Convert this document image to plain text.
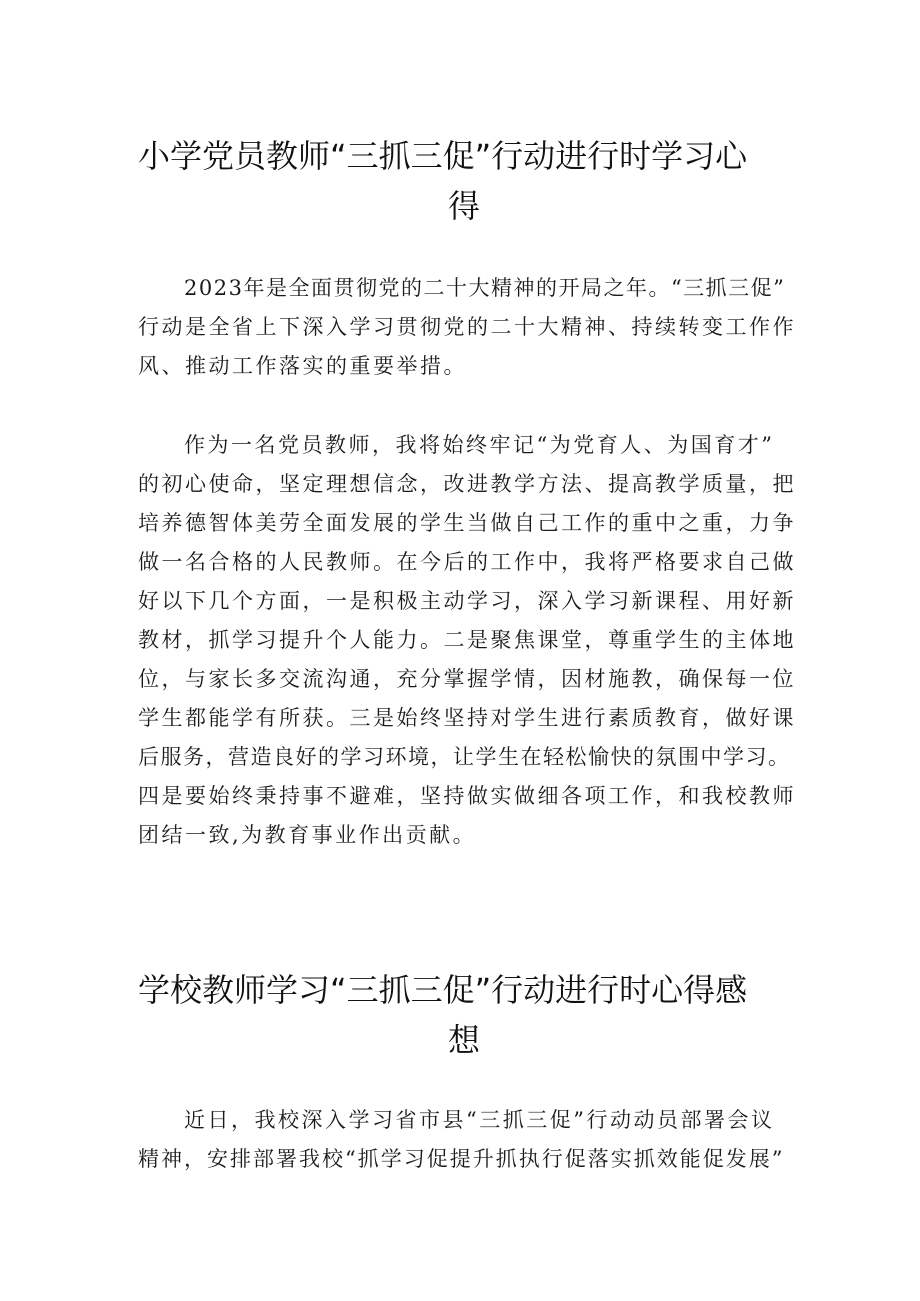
小学党员教师“三抓三促”行动进行时学习心
得
2023年是全面贯彻党的二十大精神的开局之年。“三抓三促”
行动是全省上下深入学习贯彻党的二十大精神、持续转变工作作
风、推动工作落实的重要举措。
作为一名党员教师，我将始终牢记“为党育人、为国育才”
的初心使命，坚定理想信念，改进教学方法、提高教学质量，把
培养德智体美劳全面发展的学生当做自己工作的重中之重，力争
做一名合格的人民教师。在今后的工作中，我将严格要求自己做
好以下几个方面，一是积极主动学习，深入学习新课程、用好新
教材，抓学习提升个人能力。二是聚焦课堂，尊重学生的主体地
位，与家长多交流沟通，充分掌握学情，因材施教，确保每一位
学生都能学有所获。三是始终坚持对学生进行素质教育，做好课
后服务，营造良好的学习环境，让学生在轻松愉快的氛围中学习。
四是要始终秉持事不避难，坚持做实做细各项工作，和我校教师
团结一致,为教育事业作出贡献。
学校教师学习“三抓三促”行动进行时心得感
想
近日，我校深入学习省市县“三抓三促”行动动员部署会议
精神，安排部署我校“抓学习促提升抓执行促落实抓效能促发展”
